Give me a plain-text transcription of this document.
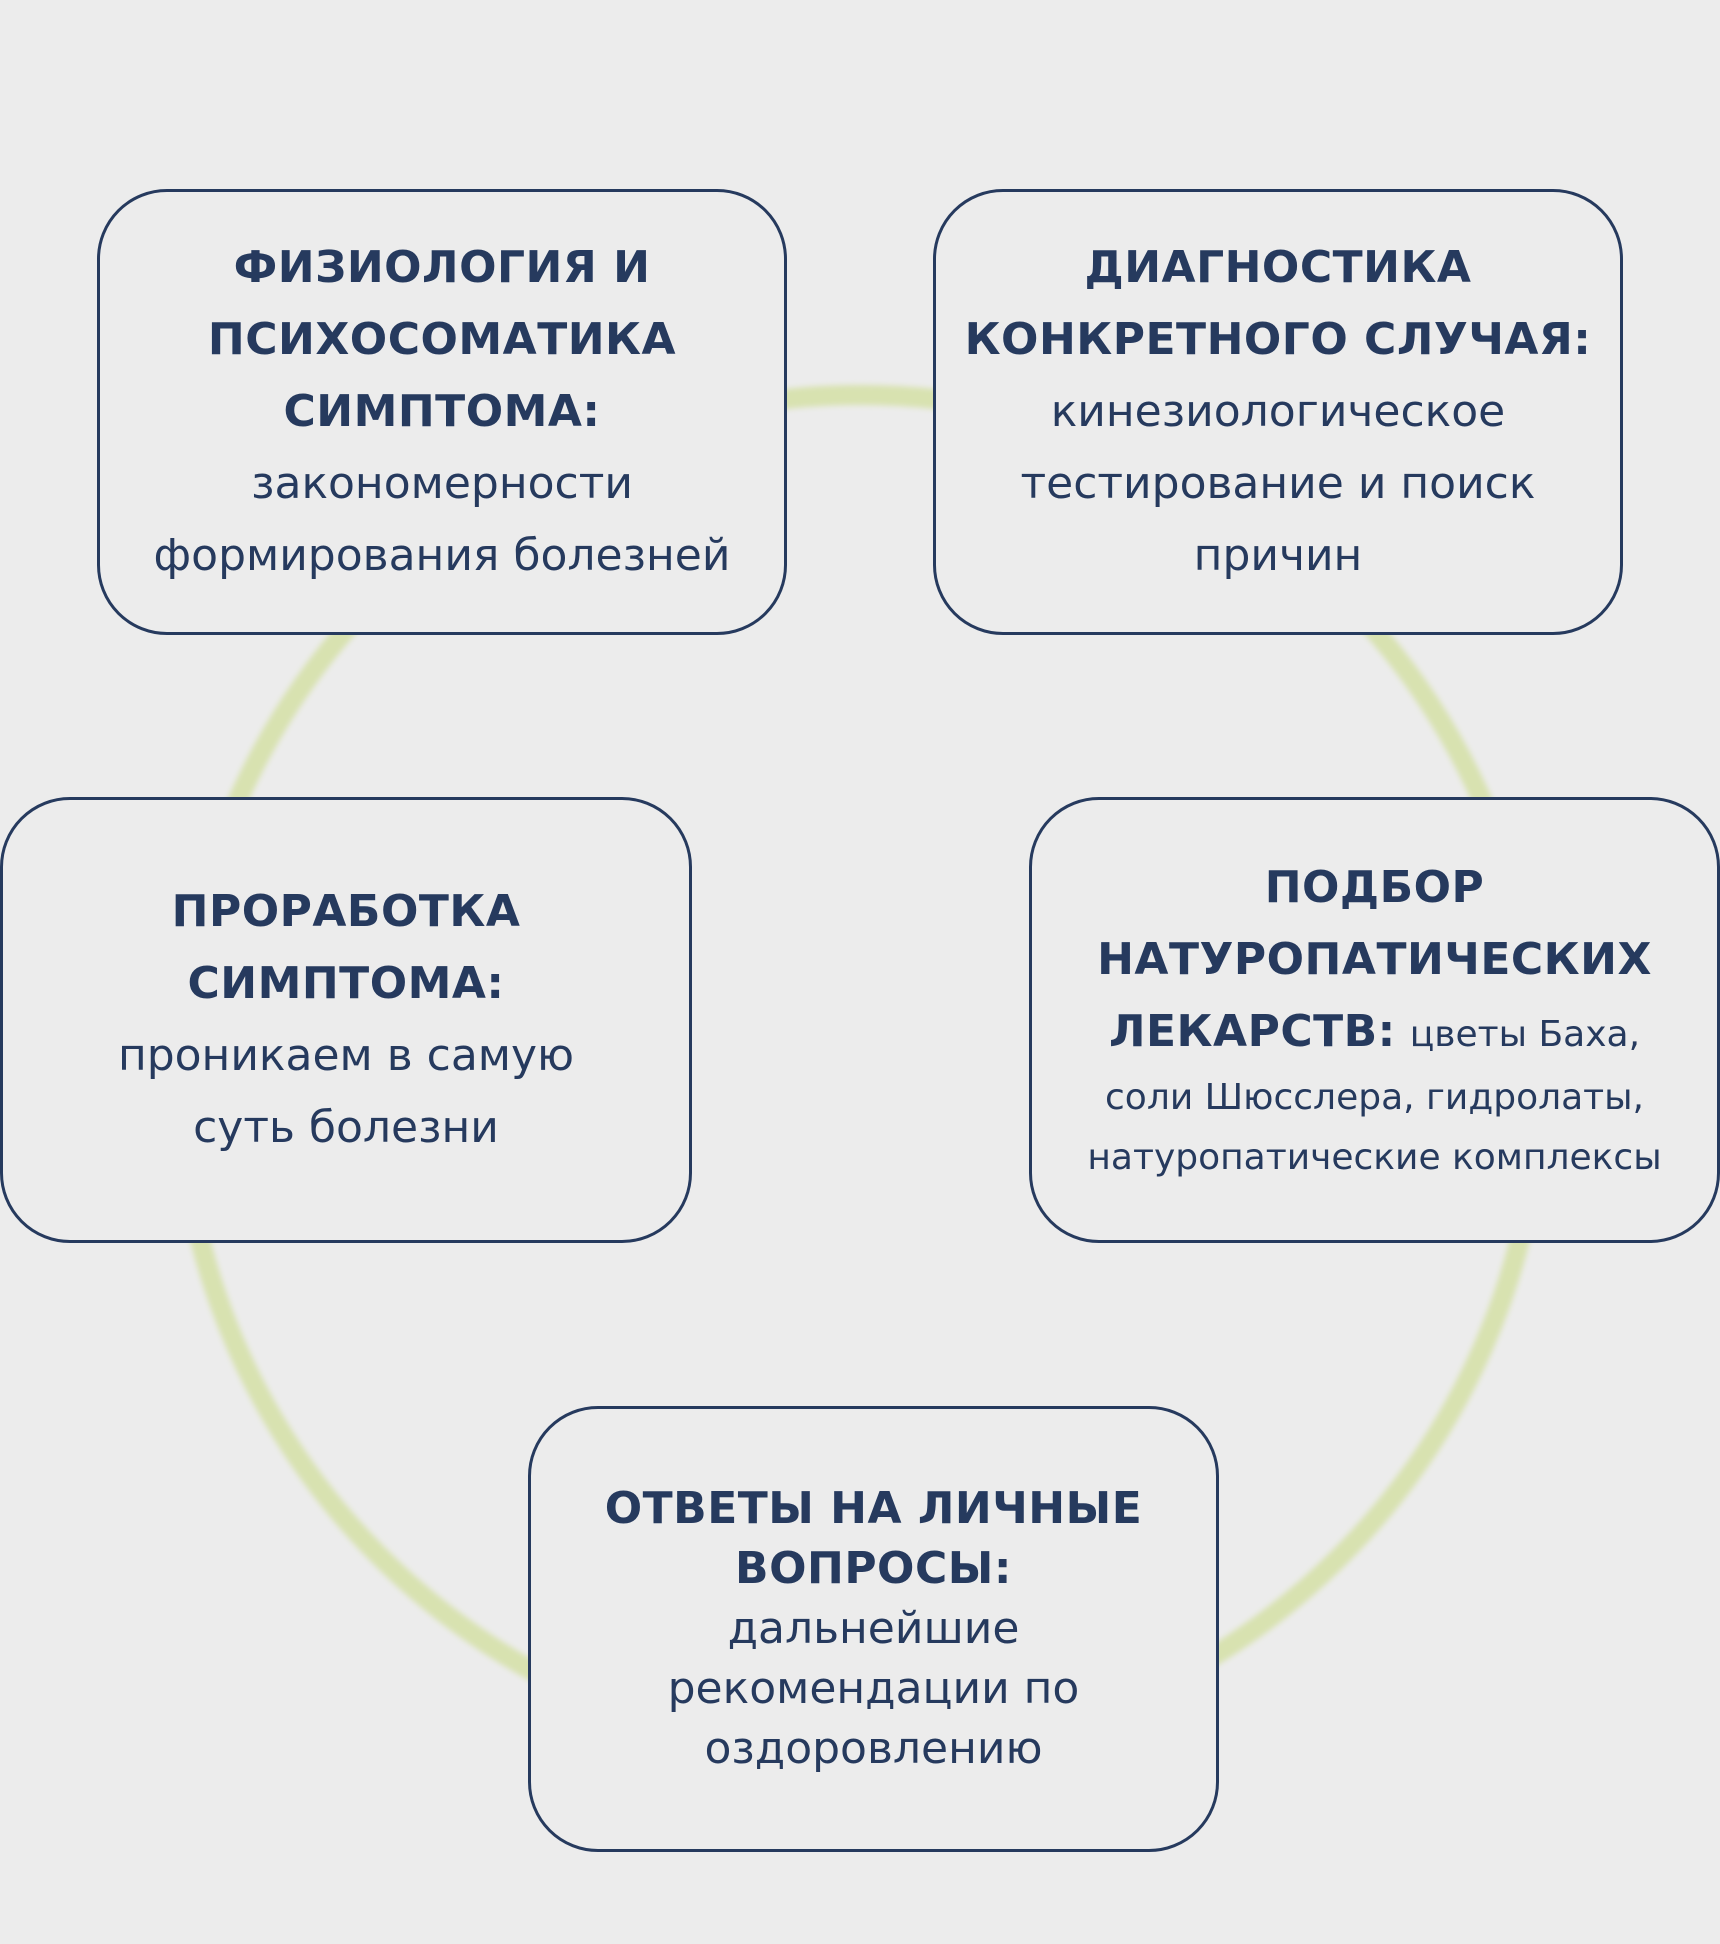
ФИЗИОЛОГИЯ И
ПСИХОСОМАТИКА
СИМПТОМА:
закономерности
формирования болезней
ДИАГНОСТИКА
КОНКРЕТНОГО СЛУЧАЯ:
кинезиологическое
тестирование и поиск
причин
ПРОРАБОТКА
СИМПТОМА:
проникаем в самую
суть болезни
ПОДБОР
НАТУРОПАТИЧЕСКИХ
ЛЕКАРСТВ: цветы Баха,
соли Шюсслера, гидролаты,
натуропатические комплексы
ОТВЕТЫ НА ЛИЧНЫЕ
ВОПРОСЫ:
дальнейшие
рекомендации по
оздоровлению
